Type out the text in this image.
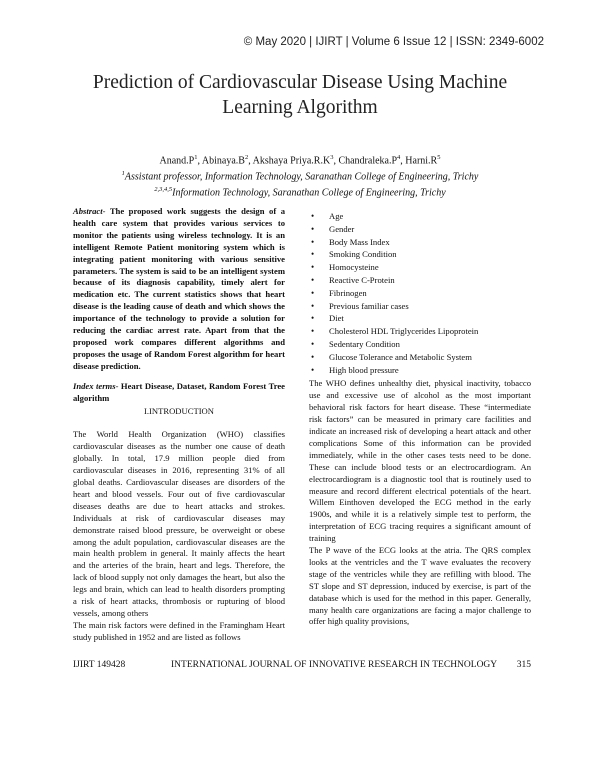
© May 2020 | IJIRT | Volume 6 Issue 12 | ISSN: 2349-6002
Prediction of Cardiovascular Disease Using Machine
Learning Algorithm
$Anand.P^1$, $Abinaya.B^2$, Akshaya $Priya.R.K^3$, $Chandraleka.P^4$, $Harni.R^5$
$^1$Assistant professor, Information Technology, Saranathan College of Engineering, Trichy
$^{2,3,4,5}$Information Technology, Saranathan College of Engineering, Trichy

Abstract- The proposed work suggests the design of a health care system that provides various services to monitor the patients using wireless technology. It is an intelligent Remote Patient monitoring system which is integrating patient monitoring with various sensitive parameters. The system is said to be an intelligent system because of its diagnosis capability, timely alert for medication etc. The current statistics shows that heart disease is the leading cause of death and which shows the importance of the technology to provide a solution for reducing the cardiac arrest rate. Apart from that the proposed work compares different algorithms and proposes the usage of Random Forest algorithm for heart disease prediction.

Index terms- Heart Disease, Dataset, Random Forest Tree algorithm

I.INTRODUCTION

The World Health Organization (WHO) classifies cardiovascular diseases as the number one cause of death globally. In total, 17.9 million people died from cardiovascular diseases in 2016, representing 31% of all global deaths. Cardiovascular diseases are disorders of the heart and blood vessels. Four out of five cardiovascular diseases deaths are due to heart attacks and strokes. Individuals at risk of cardiovascular diseases may demonstrate raised blood pressure, be overweight or obese among the adult population, cardiovascular diseases are the main health problem in general. It mainly affects the heart and the arteries of the brain, heart and legs. Therefore, the lack of blood supply not only damages the heart, but also the legs and brain, which can lead to health disorders prompting a risk of heart attacks, thrombosis or rupturing of blood vessels, among others

The main risk factors were defined in the Framingham Heart study published in 1952 and are listed as follows

• Age
• Gender
• Body Mass Index
• Smoking Condition
• Homocysteine
• Reactive C-Protein
• Fibrinogen
• Previous familiar cases
• Diet
• Cholesterol HDL Triglycerides Lipoprotein
• Sedentary Condition
• Glucose Tolerance and Metabolic System
• High blood pressure

The WHO defines unhealthy diet, physical inactivity, tobacco use and excessive use of alcohol as the most important behavioral risk factors for heart disease. These “intermediate risk factors” can be measured in primary care facilities and indicate an increased risk of developing a heart attack and other complications Some of this information can be provided immediately, while in the other cases tests need to be done. These can include blood tests or an electrocardiogram. An electrocardiogram is a diagnostic tool that is routinely used to measure and record different electrical potentials of the heart. Willem Einthoven developed the ECG method in the early 1900s, and while it is a relatively simple test to perform, the interpretation of ECG tracing requires a significant amount of training

The P wave of the ECG looks at the atria. The QRS complex looks at the ventricles and the T wave evaluates the recovery stage of the ventricles while they are refilling with blood. The ST slope and ST depression, induced by exercise, is part of the database which is used for the method in this paper. Generally, many health care organizations are facing a major challenge to offer high quality provisions,

IJIRT 149428	INTERNATIONAL JOURNAL OF INNOVATIVE RESEARCH IN TECHNOLOGY 315
